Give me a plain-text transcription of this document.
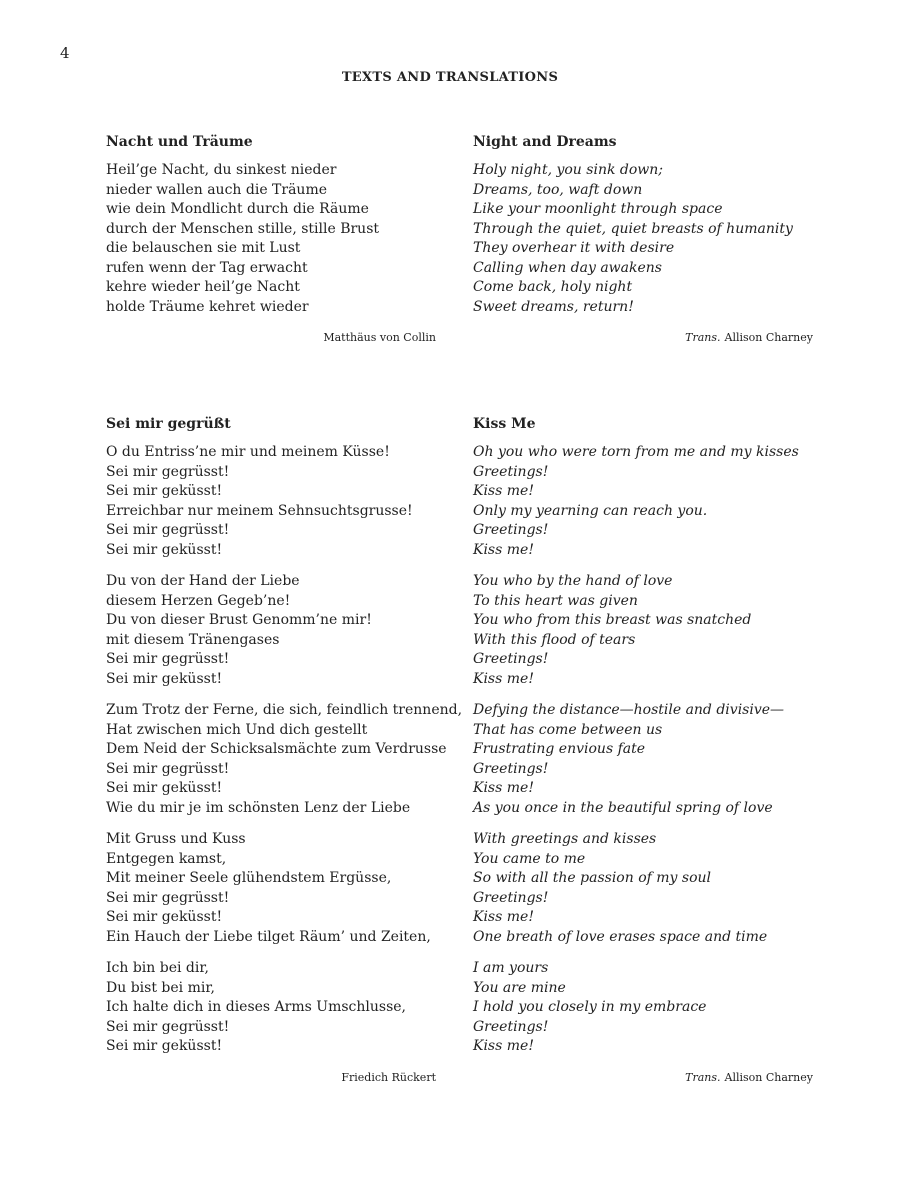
4
TEXTS AND TRANSLATIONS
Nacht und Träume
Heil’ge Nacht, du sinkest nieder
nieder wallen auch die Träume
wie dein Mondlicht durch die Räume
durch der Menschen stille, stille Brust
die belauschen sie mit Lust
rufen wenn der Tag erwacht
kehre wieder heil’ge Nacht
holde Träume kehret wieder
Matthäus von Collin
Night and Dreams
Holy night, you sink down;
Dreams, too, waft down
Like your moonlight through space
Through the quiet, quiet breasts of humanity
They overhear it with desire
Calling when day awakens
Come back, holy night
Sweet dreams, return!
Trans. Allison Charney
Sei mir gegrüßt
O du Entriss’ne mir und meinem Küsse!
Sei mir gegrüsst!
Sei mir geküsst!
Erreichbar nur meinem Sehnsuchtsgrusse!
Sei mir gegrüsst!
Sei mir geküsst!
Du von der Hand der Liebe
diesem Herzen Gegeb’ne!
Du von dieser Brust Genomm’ne mir!
mit diesem Tränengases
Sei mir gegrüsst!
Sei mir geküsst!
Zum Trotz der Ferne, die sich, feindlich trennend,
Hat zwischen mich Und dich gestellt
Dem Neid der Schicksalsmächte zum Verdrusse
Sei mir gegrüsst!
Sei mir geküsst!
Wie du mir je im schönsten Lenz der Liebe
Mit Gruss und Kuss
Entgegen kamst,
Mit meiner Seele glühendstem Ergüsse,
Sei mir gegrüsst!
Sei mir geküsst!
Ein Hauch der Liebe tilget Räum’ und Zeiten,
Ich bin bei dir,
Du bist bei mir,
Ich halte dich in dieses Arms Umschlusse,
Sei mir gegrüsst!
Sei mir geküsst!
Friedich Rückert
Kiss Me
Oh you who were torn from me and my kisses
Greetings!
Kiss me!
Only my yearning can reach you.
Greetings!
Kiss me!
You who by the hand of love
To this heart was given
You who from this breast was snatched
With this flood of tears
Greetings!
Kiss me!
Defying the distance—hostile and divisive—
That has come between us
Frustrating envious fate
Greetings!
Kiss me!
As you once in the beautiful spring of love
With greetings and kisses
You came to me
So with all the passion of my soul
Greetings!
Kiss me!
One breath of love erases space and time
I am yours
You are mine
I hold you closely in my embrace
Greetings!
Kiss me!
Trans. Allison Charney
